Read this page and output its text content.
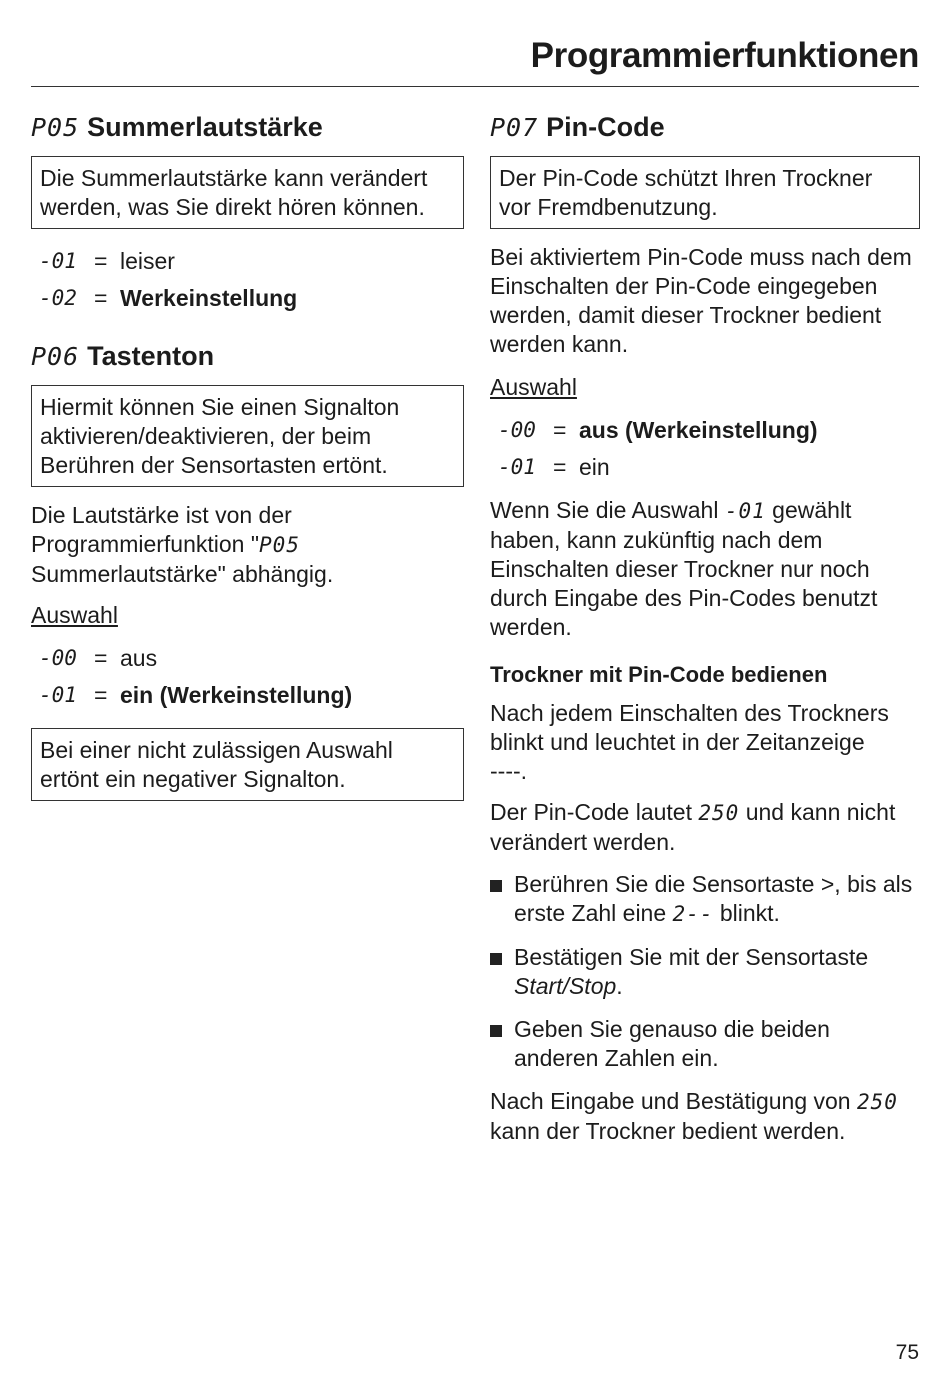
Programmierfunktionen
P05 Summerlautstärke
Die Summerlautstärke kann verändert werden, was Sie direkt hören können.
-01 = leiser
-02 = Werkeinstellung
P06 Tastenton
Hiermit können Sie einen Signalton aktivieren/deaktivieren, der beim Berühren der Sensortasten ertönt.

Die Lautstärke ist von der Programmierfunktion "P05 Summerlautstärke" abhängig.

Auswahl
-00 = aus
-01 = ein (Werkeinstellung)
Bei einer nicht zulässigen Auswahl ertönt ein negativer Signalton.
P07 Pin-Code
Der Pin-Code schützt Ihren Trockner vor Fremdbenutzung.

Bei aktiviertem Pin-Code muss nach dem Einschalten der Pin-Code eingegeben werden, damit dieser Trockner bedient werden kann.

Auswahl
-00 = aus (Werkeinstellung)
-01 = ein

Wenn Sie die Auswahl -01 gewählt haben, kann zukünftig nach dem Einschalten dieser Trockner nur noch durch Eingabe des Pin-Codes benutzt werden.

Trockner mit Pin-Code bedienen

Nach jedem Einschalten des Trockners blinkt und leuchtet in der Zeitanzeige
----.

Der Pin-Code lautet 250 und kann nicht verändert werden.

Berühren Sie die Sensortaste >, bis als erste Zahl eine 2-- blinkt.
Bestätigen Sie mit der Sensortaste Start/Stop.
Geben Sie genauso die beiden anderen Zahlen ein.

Nach Eingabe und Bestätigung von 250 kann der Trockner bedient werden.

75
